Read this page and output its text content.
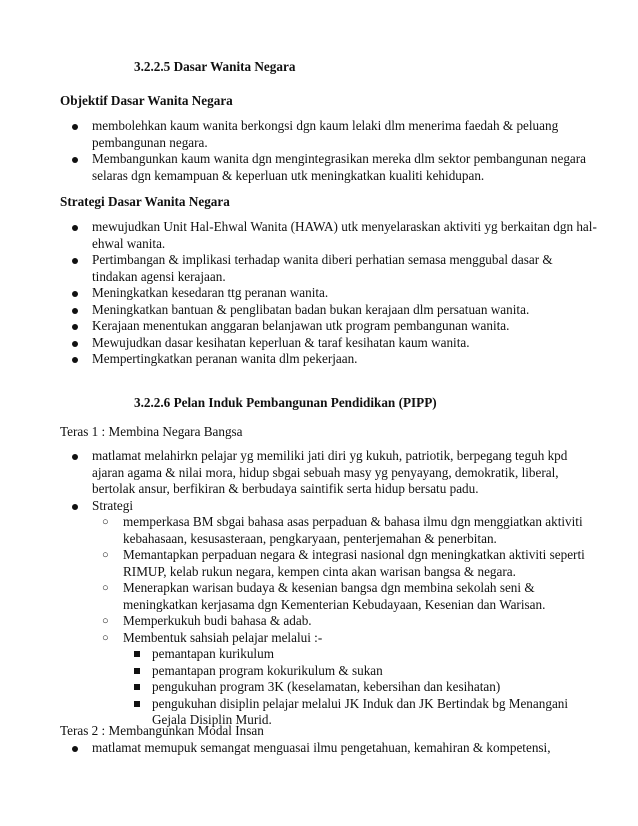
3.2.2.5 Dasar Wanita Negara

Objektif Dasar Wanita Negara

membolehkan kaum wanita berkongsi dgn kaum lelaki dlm menerima faedah & peluang pembangunan negara.
Membangunkan kaum wanita dgn mengintegrasikan mereka dlm sektor pembangunan negara selaras dgn kemampuan & keperluan utk meningkatkan kualiti kehidupan.

Strategi Dasar Wanita Negara

mewujudkan Unit Hal-Ehwal Wanita (HAWA) utk menyelaraskan aktiviti yg berkaitan dgn hal-ehwal wanita.
Pertimbangan & implikasi terhadap wanita diberi perhatian semasa menggubal dasar & tindakan agensi kerajaan.
Meningkatkan kesedaran ttg peranan wanita.
Meningkatkan bantuan & penglibatan badan bukan kerajaan dlm persatuan wanita.
Kerajaan menentukan anggaran belanjawan utk program pembangunan wanita.
Mewujudkan dasar kesihatan keperluan & taraf kesihatan kaum wanita.
Mempertingkatkan peranan wanita dlm pekerjaan.

3.2.2.6 Pelan Induk Pembangunan Pendidikan (PIPP)

Teras 1 : Membina Negara Bangsa

matlamat melahirkn pelajar yg memiliki jati diri yg kukuh, patriotik, berpegang teguh kpd ajaran agama & nilai mora, hidup sbgai sebuah masy yg penyayang, demokratik, liberal, bertolak ansur, berfikiran & berbudaya saintifik serta hidup bersatu padu.
Strategi
○ memperkasa BM sbgai bahasa asas perpaduan & bahasa ilmu dgn menggiatkan aktiviti kebahasaan, kesusasteraan, pengkaryaan, penterjemahan & penerbitan.
○ Memantapkan perpaduan negara & integrasi nasional dgn meningkatkan aktiviti seperti RIMUP, kelab rukun negara, kempen cinta akan warisan bangsa & negara.
○ Menerapkan warisan budaya & kesenian bangsa dgn membina sekolah seni & meningkatkan kerjasama dgn Kementerian Kebudayaan, Kesenian dan Warisan.
○ Memperkukuh budi bahasa & adab.
○ Membentuk sahsiah pelajar melalui :-
pemantapan kurikulum
pemantapan program kokurikulum & sukan
pengukuhan program 3K (keselamatan, kebersihan dan kesihatan)
pengukuhan disiplin pelajar melalui JK Induk dan JK Bertindak bg Menangani Gejala Disiplin Murid.

Teras 2 : Membangunkan Modal Insan

matlamat memupuk semangat menguasai ilmu pengetahuan, kemahiran & kompetensi,
